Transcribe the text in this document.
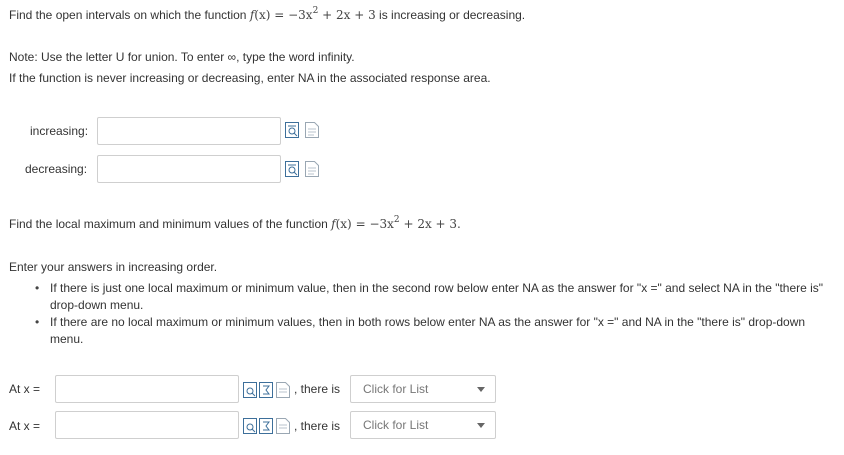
Find the open intervals on which the function $f(x) = -3x^2 + 2x + 3$ is increasing or decreasing.
Note: Use the letter U for union. To enter ∞, type the word infinity.
If the function is never increasing or decreasing, enter NA in the associated response area.
increasing:
decreasing:
Find the local maximum and minimum values of the function $f(x) = -3x^2 + 2x + 3$.
Enter your answers in increasing order.
• If there is just one local maximum or minimum value, then in the second row below enter NA as the answer for "x =" and select NA in the "there is" drop-down menu.
• If there are no local maximum or minimum values, then in both rows below enter NA as the answer for "x =" and NA in the "there is" drop-down menu.
At x =	, there is	Click for List
At x =	, there is	Click for List
